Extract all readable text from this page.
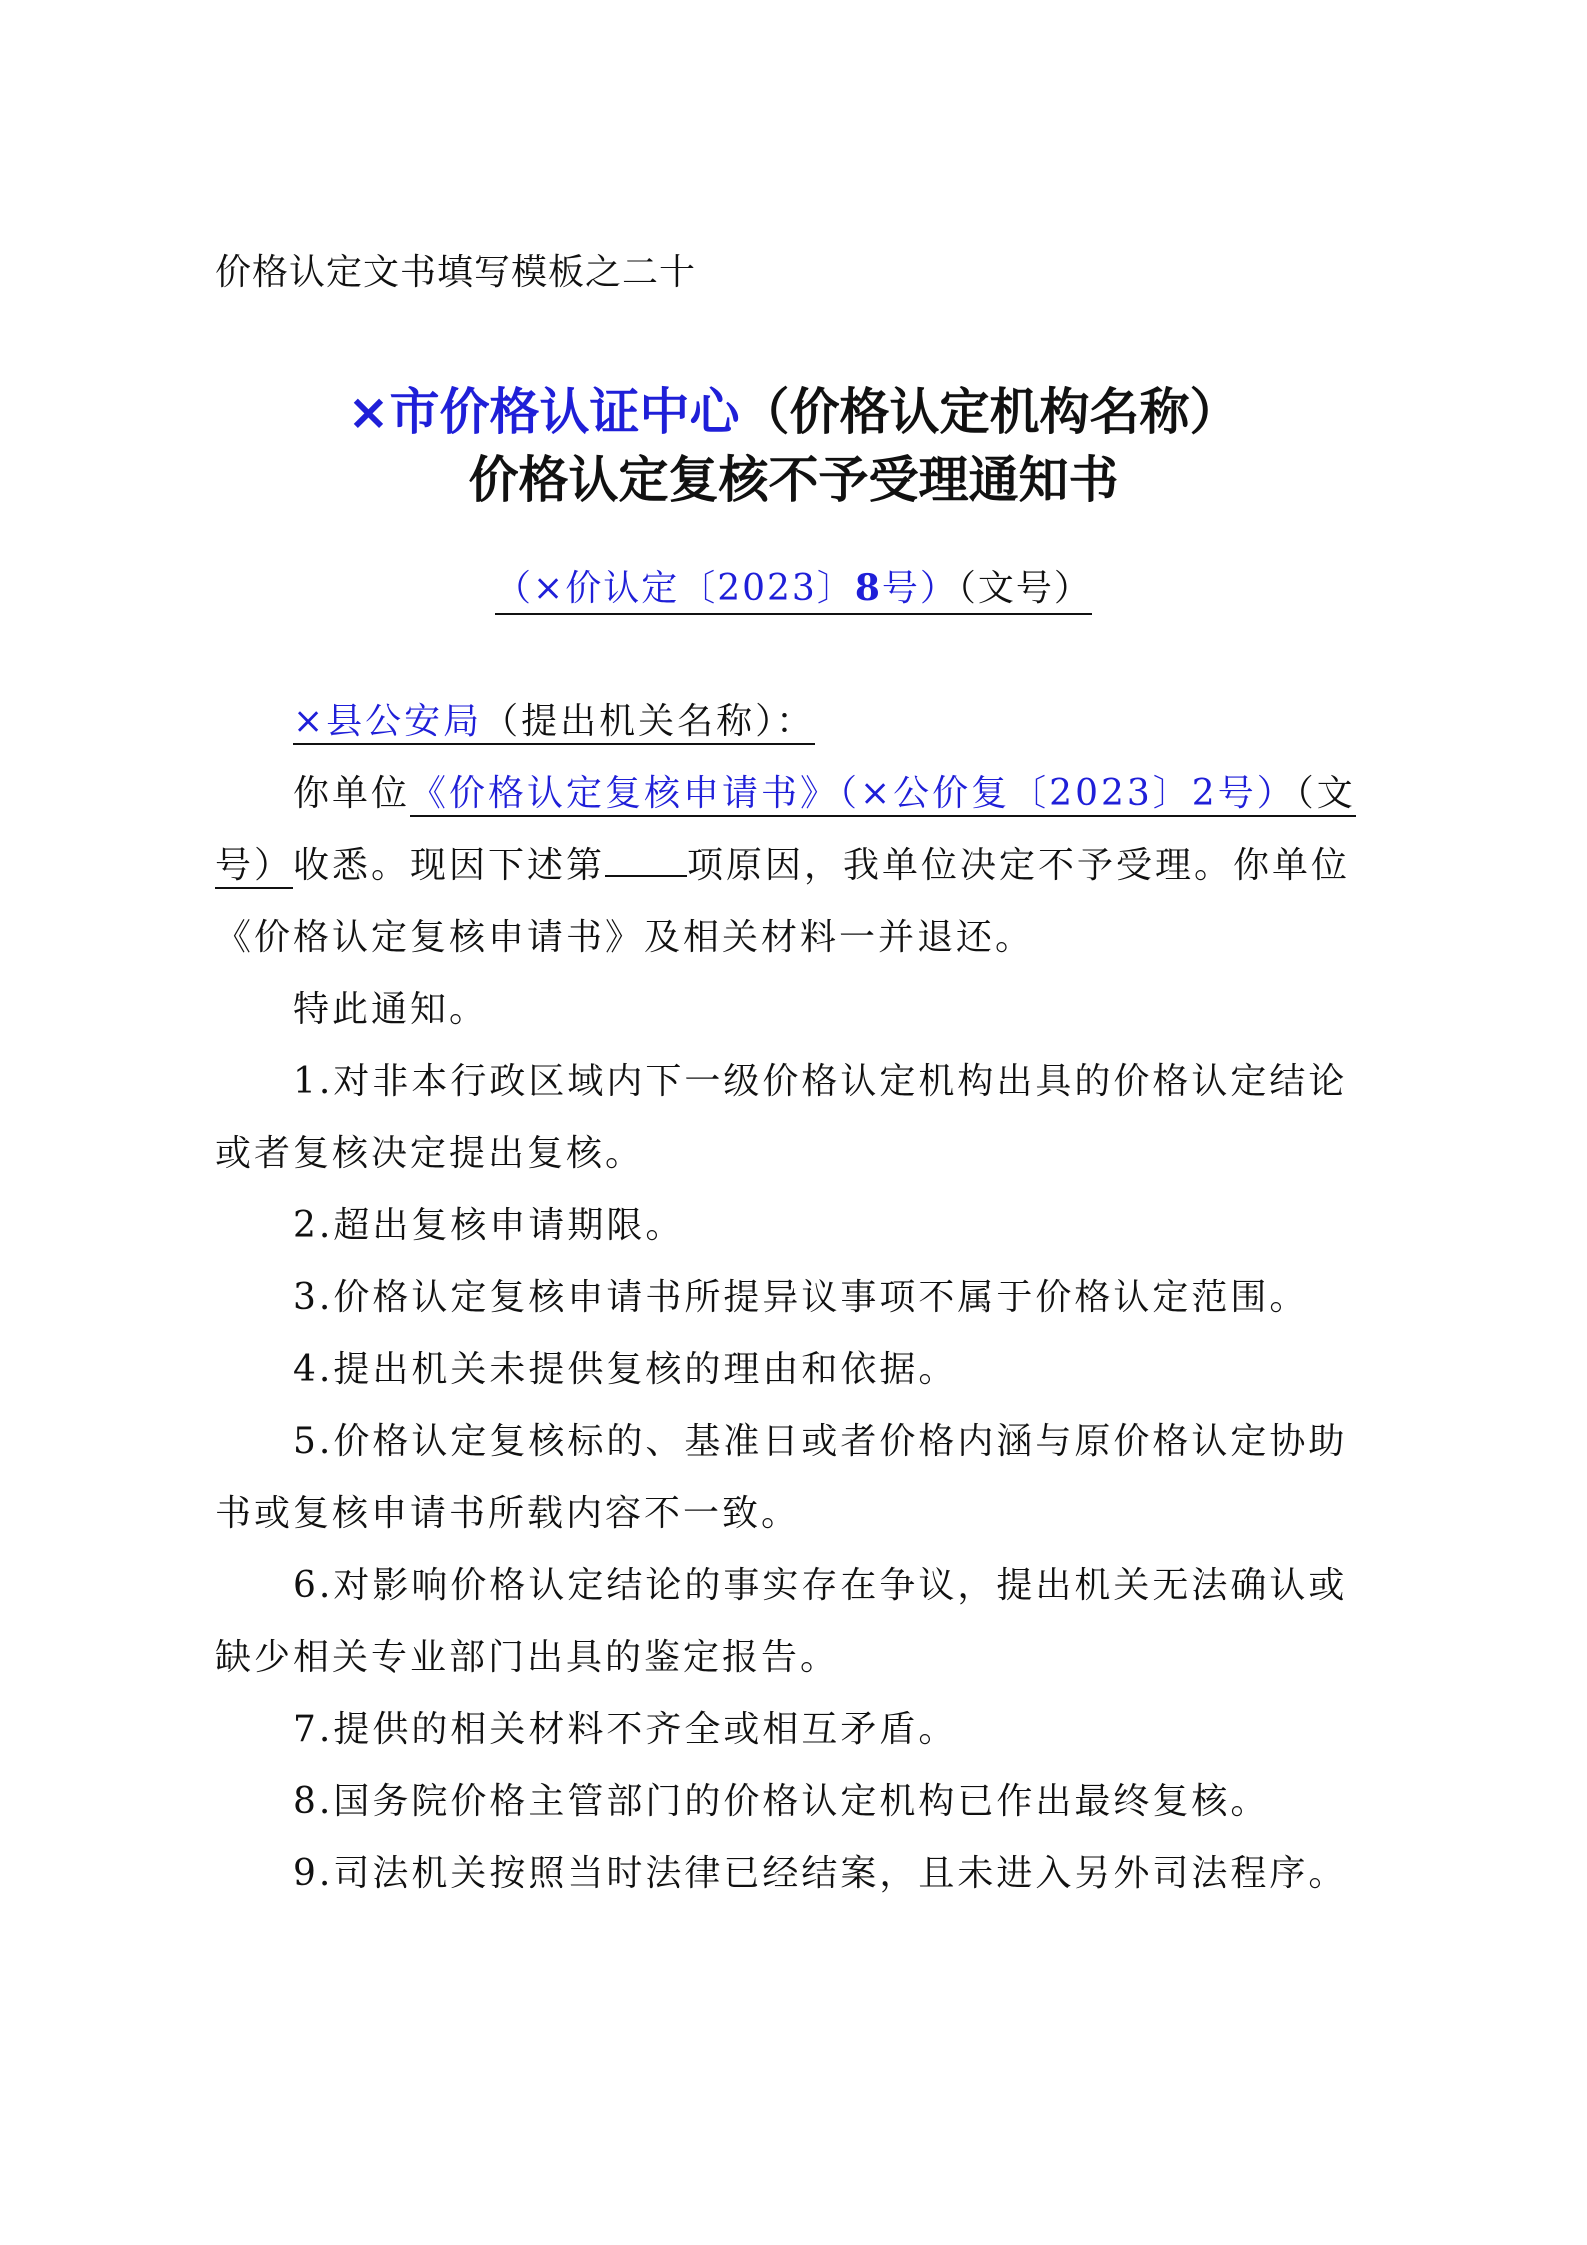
价格认定文书填写模板之二十
×市价格认证中心（价格认定机构名称）
价格认定复核不予受理通知书
（×价认定〔2023〕8号）（文号）
×县公安局（提出机关名称）：
你单位《价格认定复核申请书》（×公价复〔2023〕2号）（文
号）收悉。现因下述第 项原因，我单位决定不予受理。你单位
《价格认定复核申请书》及相关材料一并退还。
特此通知。
1.对非本行政区域内下一级价格认定机构出具的价格认定结论
或者复核决定提出复核。
2.超出复核申请期限。
3.价格认定复核申请书所提异议事项不属于价格认定范围。
4.提出机关未提供复核的理由和依据。
5.价格认定复核标的、基准日或者价格内涵与原价格认定协助
书或复核申请书所载内容不一致。
6.对影响价格认定结论的事实存在争议，提出机关无法确认或
缺少相关专业部门出具的鉴定报告。
7.提供的相关材料不齐全或相互矛盾。
8.国务院价格主管部门的价格认定机构已作出最终复核。
9.司法机关按照当时法律已经结案，且未进入另外司法程序。
